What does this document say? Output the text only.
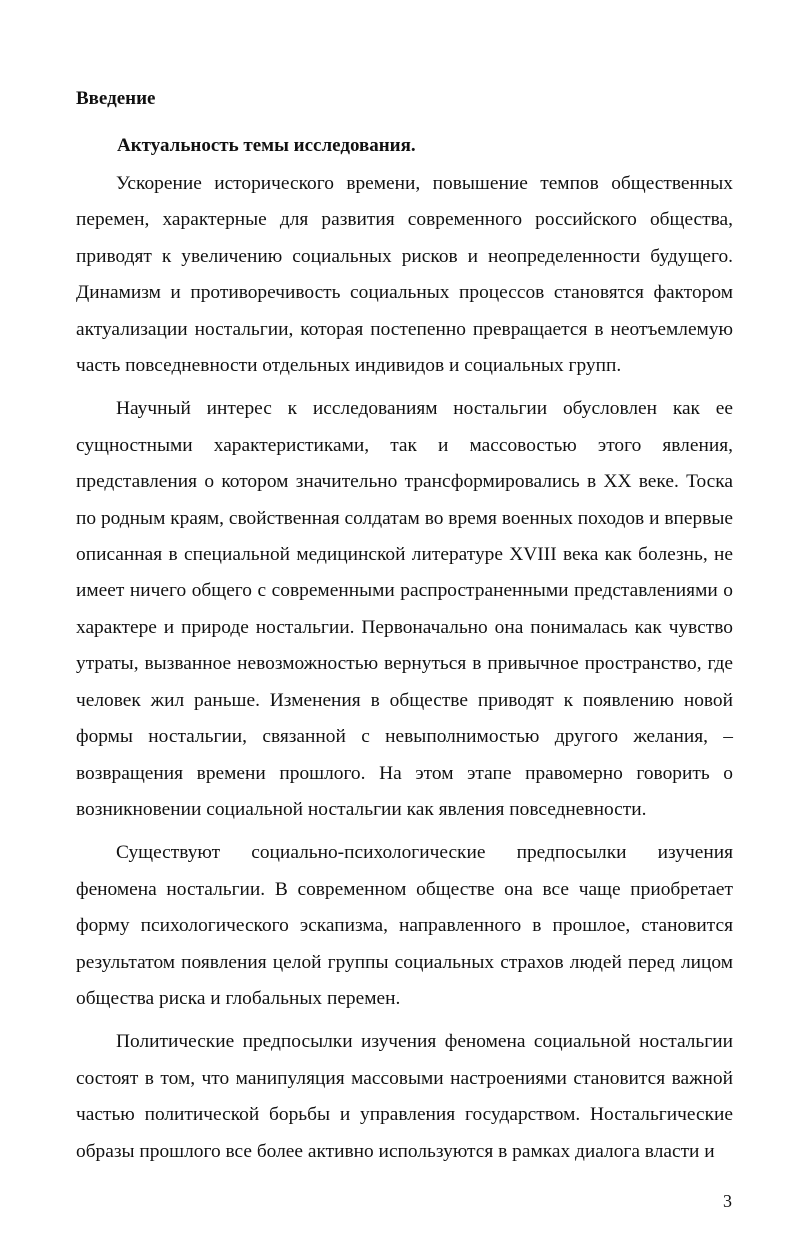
Введение
Актуальность темы исследования.

Ускорение исторического времени, повышение темпов общественных перемен, характерные для развития современного российского общества, приводят к увеличению социальных рисков и неопределенности будущего. Динамизм и противоречивость социальных процессов становятся фактором актуализации ностальгии, которая постепенно превращается в неотъемлемую часть повседневности отдельных индивидов и социальных групп.

Научный интерес к исследованиям ностальгии обусловлен как ее сущностными характеристиками, так и массовостью этого явления, представления о котором значительно трансформировались в XX веке. Тоска по родным краям, свойственная солдатам во время военных походов и впервые описанная в специальной медицинской литературе XVIII века как болезнь, не имеет ничего общего с современными распространенными представлениями о характере и природе ностальгии. Первоначально она понималась как чувство утраты, вызванное невозможностью вернуться в привычное пространство, где человек жил раньше. Изменения в обществе приводят к появлению новой формы ностальгии, связанной с невыполнимостью другого желания, – возвращения времени прошлого. На этом этапе правомерно говорить о возникновении социальной ностальгии как явления повседневности.

Существуют социально-психологические предпосылки изучения феномена ностальгии. В современном обществе она все чаще приобретает форму психологического эскапизма, направленного в прошлое, становится результатом появления целой группы социальных страхов людей перед лицом общества риска и глобальных перемен.

Политические предпосылки изучения феномена социальной ностальгии состоят в том, что манипуляция массовыми настроениями становится важной частью политической борьбы и управления государством. Ностальгические образы прошлого все более активно используются в рамках диалога власти и

3
